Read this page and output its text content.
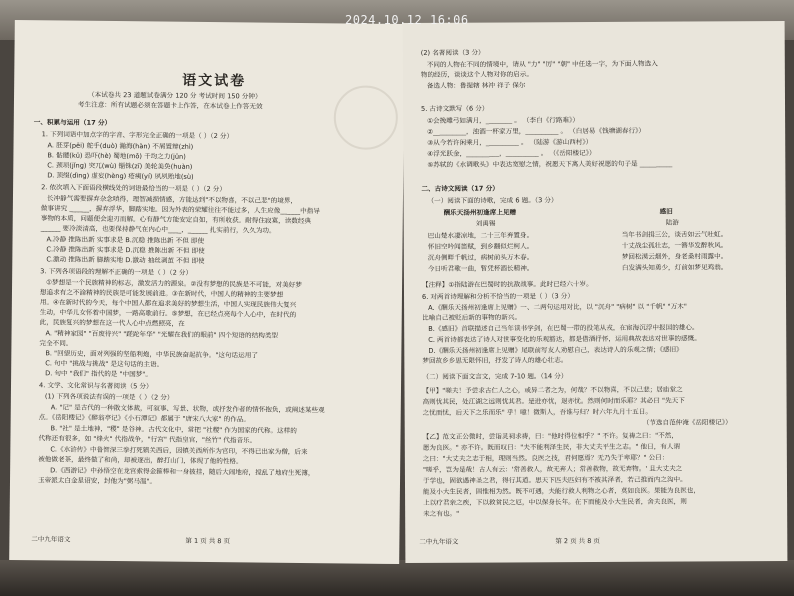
2024.10.12 16:06
语文试卷
（本试卷共 23 道题试卷满分 120 分 考试时间 150 分钟）
考生注意：所有试题必须在答题卡上作答，在本试卷上作答无效
一、积累与运用（17 分）
1. 下列词语中加点字的字音、字形完全正确的一项是（ ）（2 分）
A. 胚芽(pēi) 舵手(duò) 瀚海(hàn) 不屑置辩(zhì)
B. 骷髅(kū) 恐吓(hè) 蜀地(mǒ) 千均之力(jūn)
C. 颈项(jǐng) 突兀(wù) 锱铢(zī) 美轮美奂(huàn)
D. 顶缀(dìng) 虚妄(hèng) 疮痍(yí) 夙夙贻地(sù)
2. 依次填入下面语段横线处的词语最恰当的一项是（ ）（2 分）
长冲静气需要摒弃杂念嗔得，理智减损情感，方能达到"不以物喜，不以己悲"的境界，
做事讲究 ______，摒弃浮华，脚踏实地。因为外表的荣耀往往不能过多，人生应像______中指导
事物的本质，问题便会迎刃而解。心有静气方能安定自如，有所收获。耐得住寂寞，读数经典
______ 要冷淡清高，也要保持静气在内心中____，______ 扎实前行，久久为功。
A.冷静 推陈出新 实事求是 B.沉稳 推陈出新 不但 即使
C.冷静 推陈出新 实事求是 D.沉稳 推陈出新 不但 即使
C.激动 推陈出新 脚踏实地 D.激动 抽丝剥茧 不但 即使
3. 下列各项语段的理解不正确的一项是（ ）（2 分）
①梦想是一个民族精神的标志，激发活力的源泉。②没有梦想的民族是不可能，对美好梦
想追求有之不渝精神的民族是可能发展前进。③在新时代，中国人的精神的主要梦想
用。④在新时代的今天，每个中国人都在追求美好的梦想生活，中国人实现民族伟大复兴
生动，中华儿女怀着中国梦，一路高歌前行。⑤梦想，在已经点亮每个人心中，在时代的
此，民族复兴的梦想在这一代人心中点燃照亮，在
A. "精神家园" "百废待兴" "蹉跎年华" "光耀在我们的眼前" 四个短语的结构类型
完全不同。
B. "回望历史，面对列强的坚船利炮，中华民族奋起抗争。"这句话运用了
C. 句中 "挑战与挑战" 是这句话的主语。
D. 句中 "我们" 指代的是 "中国梦"。
4. 文学、文化常识与名著阅读（5 分）
(1) 下列各项说法有误的一项是（ ）（2 分）
A. "记" 是古代的一种散文体裁，可叙事、写景、状物，或抒发作者的情怀抱负，或阐述某些观
点。《岳阳楼记》《醉翁亭记》《小石潭记》都属于 "唐宋八大家" 的作品。
B. "社" 是土地神，"稷" 是谷神。古代文化中，常把 "社稷" 作为国家的代称。这样的
代称还有很多，如 "烽火" 代指战争，"行宫" 代指皇宫，"丝竹" 代指音乐。
C.《水浒传》中鲁智深三拳打死镇关西后，因镇关西所作为官印，不得已出家为僧，后来
被他做老茶，最终做了和尚，却被逐出，醉打山门，体现了他的性格。
D.《西游记》中孙悟空在龙宫索得金箍棒和一身披挂，随后大闹地府，搅乱了地府生死簿，
玉帝派太白金星诏安，封他为"弼马温"。
二中九年语文	第 1 页 共 8 页
(2) 名著阅读（3 分）
不同的人物在不同的情境中，请从 "力" "厉" "朝" 中任选一字，为下面人物选入
物的经历，谈谈这个人物对你的启示。
备选人物：鲁提辖 林冲 祥子 保尔
5. 古诗文默写（6 分）
①会挽雕弓如满月，________ 。 （李白《行路难》）
②__________，浊酒一杯家万里，__________ 。 （白居易《钱塘湖春行》）
③从今若许闲乘月，__________ 。 （陆游《游山西村》）
④浮光跃金，__________，__________ 。 （《岳阳楼记》）
⑤苏轼的《水调歌头》中表达宽慰之情，祝愿天下离人美好祝愿的句子是 __________
二、古诗文阅读（17 分）
（一）阅读下面的诗歌，完成 6 题。（3 分）
酬乐天扬州初逢席上见赠
刘禹锡
巴山楚水凄凉地，二十三年弃置身。
怀旧空吟闻笛赋，到乡翻似烂柯人。
沉舟侧畔千帆过，病树前头万木春。
今日听君歌一曲，暂凭杯酒长精神。
感旧
陆游
当年书剑揖三公，谈舌如云气吐虹。
十丈战尘孤壮志，一簪华发醉秋风。
梦回松漠云烟外，身老桑村雨露中。
白发满头知勇少，灯前如梦见鸡翁。
【注释】①指陆游在巴蜀时的抗敌战事。此时已经六十岁。
6. 对两首诗理解和分析不恰当的一项是（ ）（3 分）
A.《酬乐天扬州初逢席上见赠》一、二两句运用对比，以 "沉舟" "病树" 以 "千帆" "万木"
比喻自己被贬后新的事物的新兴。
B.《感旧》首联描述自己当年读书学剑，在巴蜀一带的投笔从戎，在宦海沉浮中报国的雄心。
C. 两首诗都表达了诗人对世事变化的乐观豁达，都是借酒抒怀，运用典故表达对世事的感慨。
D.《酬乐天扬州初逢席上见赠》尾联前写友人劝慰自己，表达诗人的乐观之情；《感旧》
梦回故乡乡思无限怀旧，抒发了诗人的雄心壮志。
（二）阅读下面文言文，完成 7-10 题。（14 分）
【甲】"嗟夫！予尝求古仁人之心，或异二者之为，何哉？不以物喜，不以己悲；居庙堂之
高则忧其民，处江湖之远则忧其君。是进亦忧，退亦忧。然则何时而乐耶？其必曰 "先天下
之忧而忧，后天下之乐而乐" 乎！噫！微斯人，吾谁与归？时六年九月十五日。
（节选自范仲淹《岳阳楼记》）
【乙】范文正公微时，尝诣灵祠求祷，曰："他时得位相乎？" 不许。复祷之曰："不然，
愿为良医。" 亦不许。既而叹曰："夫不能利泽生民，非大丈夫平生之志。" 他日，有人谓
之曰："大丈夫之志于相，理则当然。良医之技，君何愿焉？无乃失于卑耶？" 公曰：
"嗟乎，岂为是哉！古人有云：'常善救人，故无弃人；常善救物，故无弃物。' 且大丈夫之
于学也，固欲遇神圣之君，得行其道。思天下匹夫匹妇有不被其泽者，若己推而内之沟中。
能及小大生民者，固惟相为然。既不可遇，夫能行救人利物之心者，莫如良医。果能为良医也，
上以疗君亲之疾，下以救贫民之厄，中以保身长年。在下而能及小大生民者，舍夫良医，则
未之有也。"
二中九年语文	第 2 页 共 8 页
